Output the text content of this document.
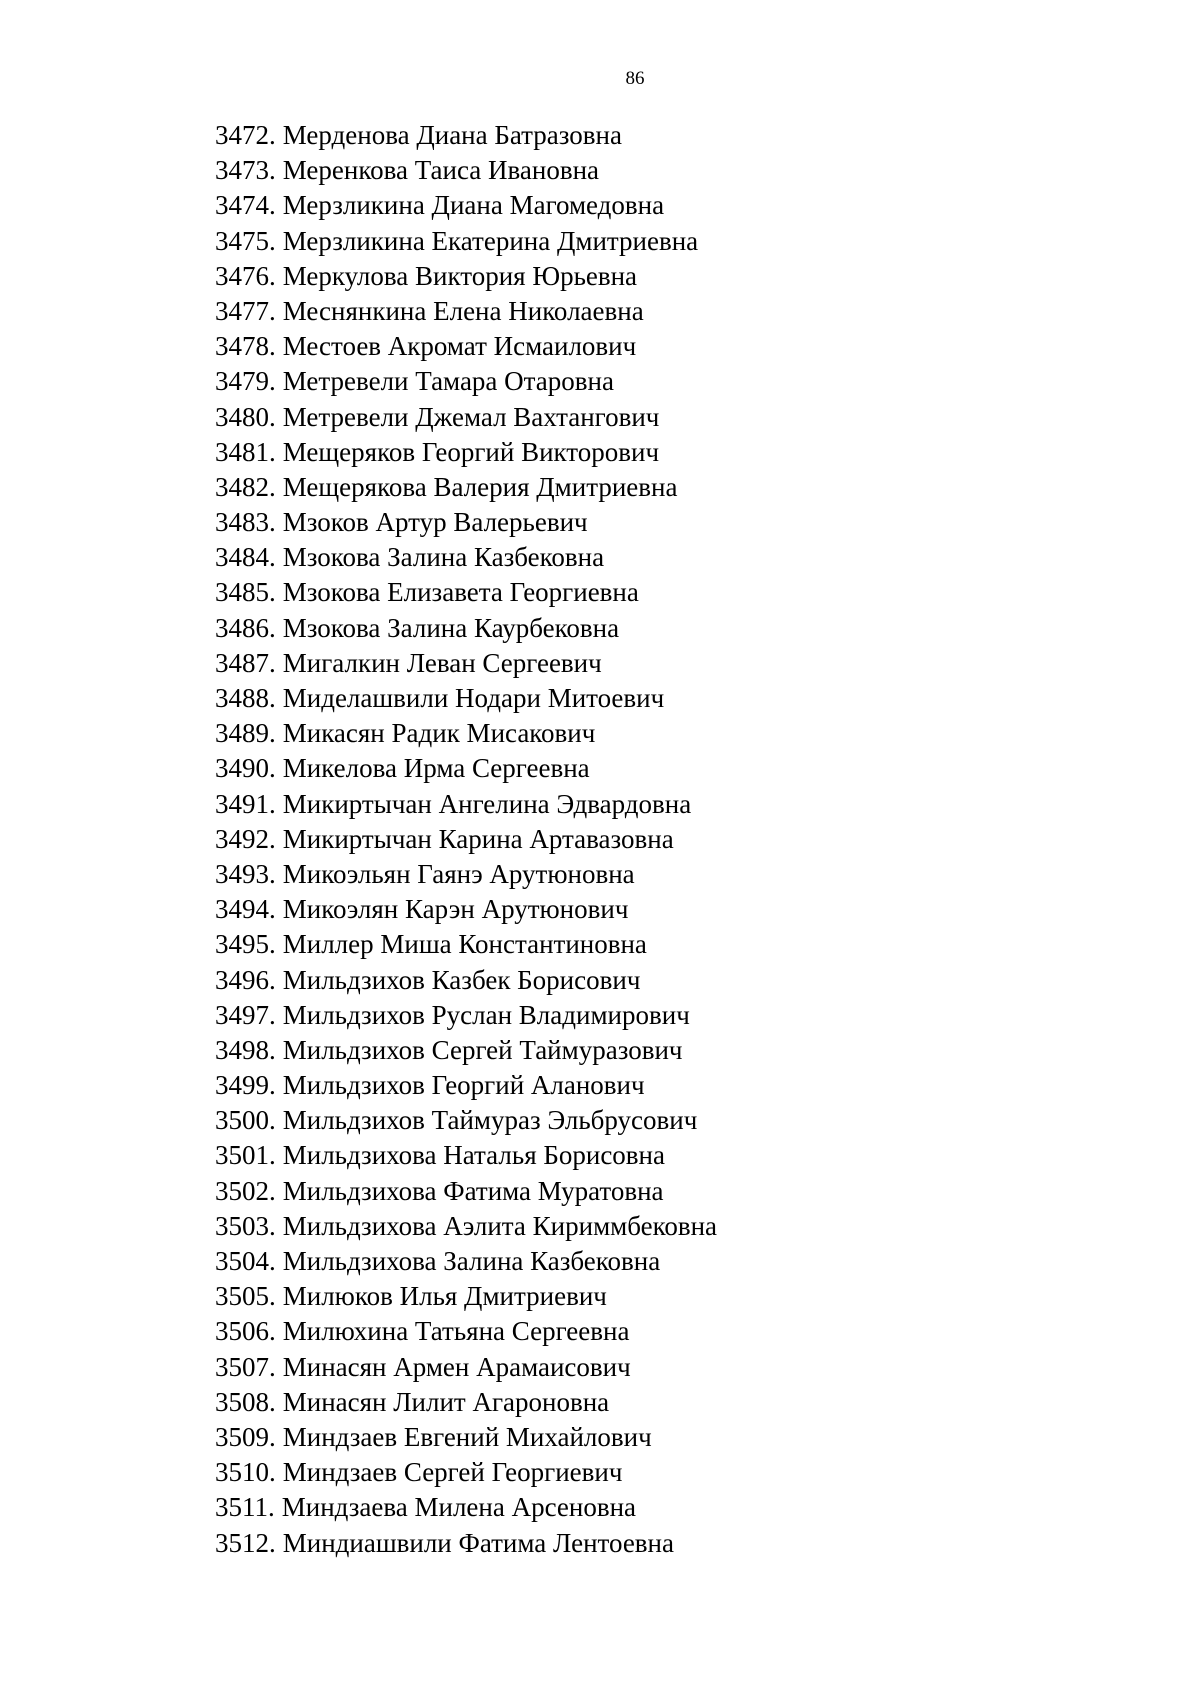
86
3472. Мерденова Диана Батразовна
3473. Меренкова Таиса Ивановна
3474. Мерзликина Диана Магомедовна
3475. Мерзликина Екатерина Дмитриевна
3476. Меркулова Виктория Юрьевна
3477. Меснянкина Елена Николаевна
3478. Местоев Акромат Исмаилович
3479. Метревели Тамара Отаровна
3480. Метревели Джемал Вахтангович
3481. Мещеряков Георгий Викторович
3482. Мещерякова Валерия Дмитриевна
3483. Мзоков Артур Валерьевич
3484. Мзокова Залина Казбековна
3485. Мзокова Елизавета Георгиевна
3486. Мзокова Залина Каурбековна
3487. Мигалкин Леван Сергеевич
3488. Миделашвили Нодари Митоевич
3489. Микасян Радик Мисакович
3490. Микелова Ирма Сергеевна
3491. Микиртычан Ангелина Эдвардовна
3492. Микиртычан Карина Артавазовна
3493. Микоэльян Гаянэ Арутюновна
3494. Микоэлян Карэн Арутюнович
3495. Миллер Миша Константиновна
3496. Мильдзихов Казбек Борисович
3497. Мильдзихов Руслан Владимирович
3498. Мильдзихов Сергей Таймуразович
3499. Мильдзихов Георгий Аланович
3500. Мильдзихов Таймураз Эльбрусович
3501. Мильдзихова Наталья Борисовна
3502. Мильдзихова Фатима Муратовна
3503. Мильдзихова Аэлита Кириммбековна
3504. Мильдзихова Залина Казбековна
3505. Милюков Илья Дмитриевич
3506. Милюхина Татьяна Сергеевна
3507. Минасян Армен Арамаисович
3508. Минасян Лилит Агароновна
3509. Миндзаев Евгений Михайлович
3510. Миндзаев Сергей Георгиевич
3511. Миндзаева Милена Арсеновна
3512. Миндиашвили Фатима Лентоевна
